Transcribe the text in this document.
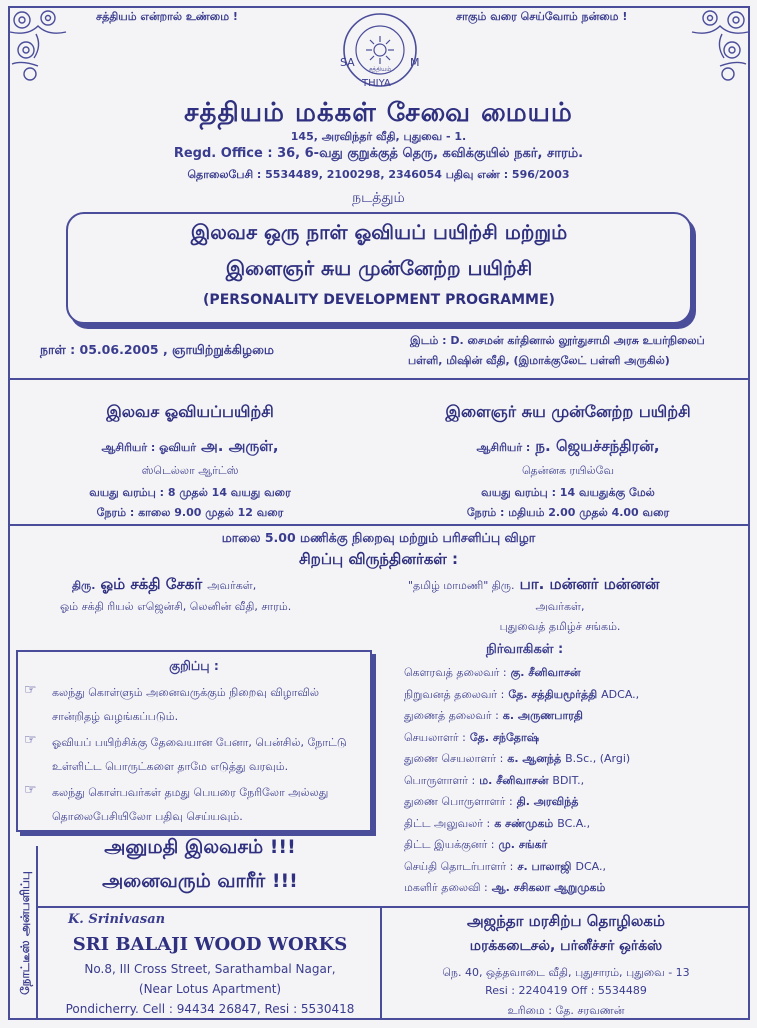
சத்தியம் என்றால் உண்மை !	சாகும் வரை செய்வோம் நன்மை !
சத்தியம்
SA
THIYA
M
சத்தியம் மக்கள் சேவை மையம்
145, அரவிந்தர் வீதி, புதுவை - 1.
Regd. Office : 36, 6-வது குறுக்குத் தெரு, கவிக்குயில் நகர், சாரம்.
தொலைபேசி : 5534489, 2100298, 2346054 பதிவு எண் : 596/2003
நடத்தும்
இலவச ஒரு நாள் ஓவியப் பயிற்சி மற்றும்
இளைஞர் சுய முன்னேற்ற பயிற்சி
(PERSONALITY DEVELOPMENT PROGRAMME)
நாள் : 05.06.2005 , ஞாயிற்றுக்கிழமை
இடம் : D. சைமன் கர்தினால் லூர்துசாமி அரசு உயர்நிலைப்
பள்ளி, மிஷின் வீதி, (இமாக்குலேட் பள்ளி அருகில்)
இலவச ஓவியப்பயிற்சி
ஆசிரியர் : ஓவியர் அ. அருள்,
ஸ்டெல்லா ஆர்ட்ஸ்
வயது வரம்பு : 8 முதல் 14 வயது வரை
நேரம் : காலை 9.00 முதல் 12 வரை
இளைஞர் சுய முன்னேற்ற பயிற்சி
ஆசிரியர் : ந. ஜெயச்சந்திரன்,
தென்னக ரயில்வே
வயது வரம்பு : 14 வயதுக்கு மேல்
நேரம் : மதியம் 2.00 முதல் 4.00 வரை
மாலை 5.00 மணிக்கு நிறைவு மற்றும் பரிசளிப்பு விழா
சிறப்பு விருந்தினர்கள் :
திரு. ஓம் சக்தி சேகர் அவர்கள்,
ஓம் சக்தி ரியல் எஜென்சி, லெனின் வீதி, சாரம்.
"தமிழ் மாமணி" திரு. பா. மன்னர் மன்னன்
அவர்கள்,
புதுவைத் தமிழ்ச் சங்கம்.
குறிப்பு :
☞ கலந்து கொள்ளும் அனைவருக்கும் நிறைவு விழாவில்
சான்றிதழ் வழங்கப்படும்.
☞ ஓவியப் பயிற்சிக்கு தேவையான பேனா, பென்சில், நோட்டு
உள்ளிட்ட பொருட்களை தாமே எடுத்து வரவும்.
☞ கலந்து கொள்பவர்கள் தமது பெயரை நேரிலோ அல்லது
தொலைபேசியிலோ பதிவு செய்யவும்.
நிர்வாகிகள் :
கௌரவத் தலைவர் : கு. சீனிவாசன்
நிறுவனத் தலைவர் : தே. சத்தியமூர்த்தி ADCA.,
துணைத் தலைவர் : க. அருணபாரதி
செயலாளர் : தே. சந்தோஷ்
துணை செயலாளர் : க. ஆனந்த் B.Sc., (Argi)
பொருளாளர் : ம. சீனிவாசன் BDIT.,
துணை பொருளாளர் : தி. அரவிந்த்
திட்ட அலுவலர் : க சண்முகம் BC.A.,
திட்ட இயக்குனர் : மு. சங்கர்
செய்தி தொடர்பாளர் : ச. பாலாஜி DCA.,
மகளிர் தலைவி : ஆ. சசிகலா ஆறுமுகம்
அனுமதி இலவசம் !!!
அனைவரும் வாரீர் !!!
நோட்டீஸ் அன்பளிப்பு	K. Srinivasan
SRI BALAJI WOOD WORKS
No.8, III Cross Street, Sarathambal Nagar,
(Near Lotus Apartment)
Pondicherry. Cell : 94434 26847, Resi : 5530418
அஜந்தா மரசிற்ப தொழிலகம்
மரக்கடைசல், பர்னீச்சர் ஒர்க்ஸ்
நெ. 40, ஒத்தவாடை வீதி, புதுசாரம், புதுவை - 13
Resi : 2240419 Off : 5534489
உரிமை : தே. சரவணன்
